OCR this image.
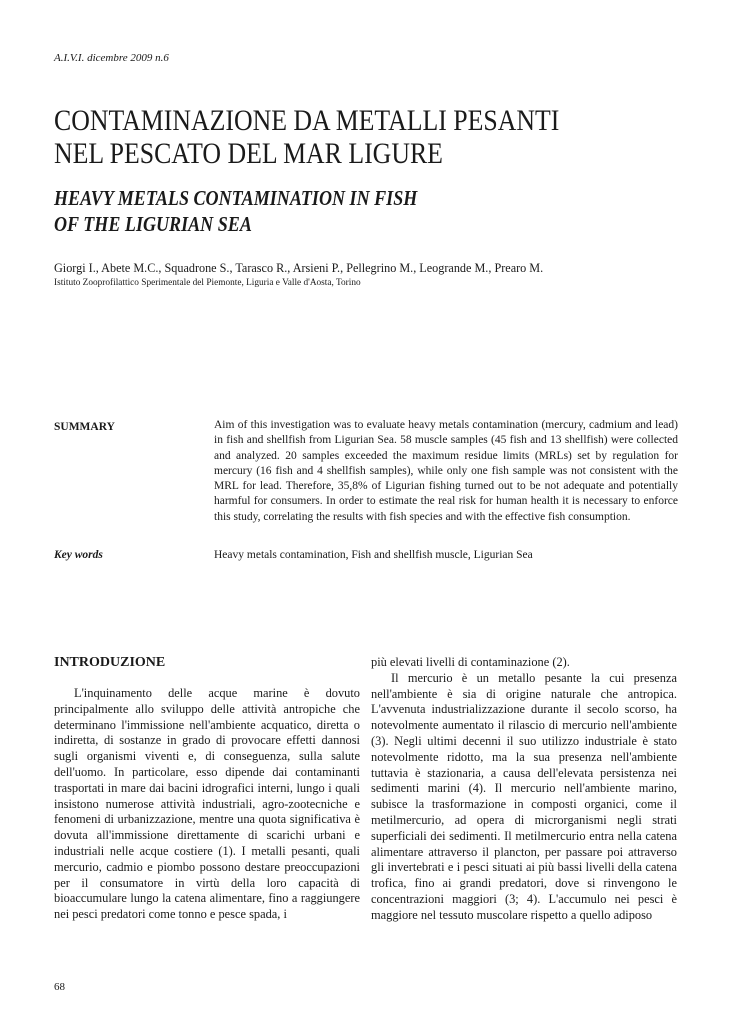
A.I.V.I. dicembre 2009 n.6
CONTAMINAZIONE DA METALLI PESANTI
NEL PESCATO DEL MAR LIGURE
HEAVY METALS CONTAMINATION IN FISH
OF THE LIGURIAN SEA
Giorgi I., Abete M.C., Squadrone S., Tarasco R., Arsieni P., Pellegrino M., Leogrande M., Prearo M.
Istituto Zooprofilattico Sperimentale del Piemonte, Liguria e Valle d'Aosta, Torino
SUMMARY	Aim of this investigation was to evaluate heavy metals contamination (mercury, cadmium and lead) in fish and shellfish from Ligurian Sea. 58 muscle samples (45 fish and 13 shellfish) were collected and analyzed. 20 samples exceeded the maximum residue limits (MRLs) set by regulation for mercury (16 fish and 4 shellfish samples), while only one fish sample was not consistent with the MRL for lead. Therefore, 35,8% of Ligurian fishing turned out to be not adequate and potentially harmful for consumers. In order to estimate the real risk for human health it is necessary to enforce this study, correlating the results with fish species and with the effective fish consumption.
Key words	Heavy metals contamination, Fish and shellfish muscle, Ligurian Sea
INTRODUZIONE

L'inquinamento delle acque marine è dovuto principalmente allo sviluppo delle attività antropiche che determinano l'immissione nell'ambiente acquatico, diretta o indiretta, di sostanze in grado di provocare effetti dannosi sugli organismi viventi e, di conseguenza, sulla salute dell'uomo. In particolare, esso dipende dai contaminanti trasportati in mare dai bacini idrografici interni, lungo i quali insistono numerose attività industriali, agro-zootecniche e fenomeni di urbanizzazione, mentre una quota significativa è dovuta all'immissione direttamente di scarichi urbani e industriali nelle acque costiere (1). I metalli pesanti, quali mercurio, cadmio e piombo possono destare preoccupazioni per il consumatore in virtù della loro capacità di bioaccumulare lungo la catena alimentare, fino a raggiungere nei pesci predatori come tonno e pesce spada, i

più elevati livelli di contaminazione (2).

Il mercurio è un metallo pesante la cui presenza nell'ambiente è sia di origine naturale che antropica. L'avvenuta industrializzazione durante il secolo scorso, ha notevolmente aumentato il rilascio di mercurio nell'ambiente (3). Negli ultimi decenni il suo utilizzo industriale è stato notevolmente ridotto, ma la sua presenza nell'ambiente tuttavia è stazionaria, a causa dell'elevata persistenza nei sedimenti marini (4). Il mercurio nell'ambiente marino, subisce la trasformazione in composti organici, come il metilmercurio, ad opera di microrganismi negli strati superficiali dei sedimenti. Il metilmercurio entra nella catena alimentare attraverso il plancton, per passare poi attraverso gli invertebrati e i pesci situati ai più bassi livelli della catena trofica, fino ai grandi predatori, dove si rinvengono le concentrazioni maggiori (3; 4). L'accumulo nei pesci è maggiore nel tessuto muscolare rispetto a quello adiposo

68
